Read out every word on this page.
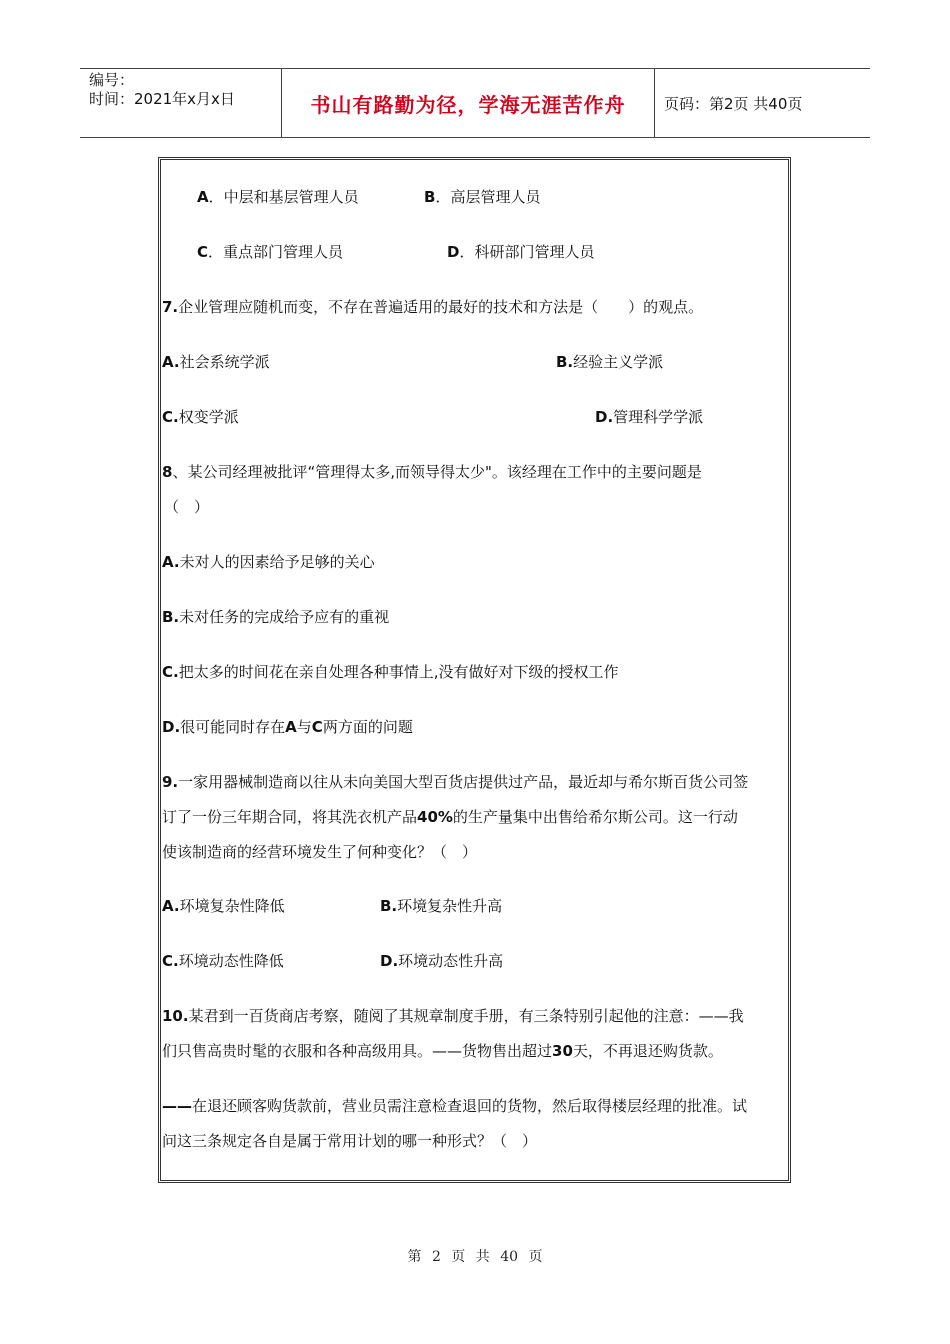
编号：
时间：2021年x月x日	书山有路勤为径，学海无涯苦作舟	页码：第2页 共40页
A．中层和基层管理人员	B．高层管理人员
C．重点部门管理人员	D．科研部门管理人员
7.企业管理应随机而变，不存在普遍适用的最好的技术和方法是（　　）的观点。
A.社会系统学派	B.经验主义学派
C.权变学派	D.管理科学学派
8、某公司经理被批评“管理得太多,而领导得太少"。该经理在工作中的主要问题是
（　）
A.未对人的因素给予足够的关心
B.未对任务的完成给予应有的重视
C.把太多的时间花在亲自处理各种事情上,没有做好对下级的授权工作
D.很可能同时存在A与C两方面的问题
9.一家用器械制造商以往从未向美国大型百货店提供过产品，最近却与希尔斯百货公司签
订了一份三年期合同，将其洗衣机产品40%的生产量集中出售给希尔斯公司。这一行动
使该制造商的经营环境发生了何种变化？（　）
A.环境复杂性降低	B.环境复杂性升高
C.环境动态性降低	D.环境动态性升高
10.某君到一百货商店考察，随阅了其规章制度手册，有三条特别引起他的注意：——我
们只售高贵时髦的衣服和各种高级用具。——货物售出超过30天，不再退还购货款。
——在退还顾客购货款前，营业员需注意检查退回的货物，然后取得楼层经理的批准。试
问这三条规定各自是属于常用计划的哪一种形式？（　）
第 2 页 共 40 页
